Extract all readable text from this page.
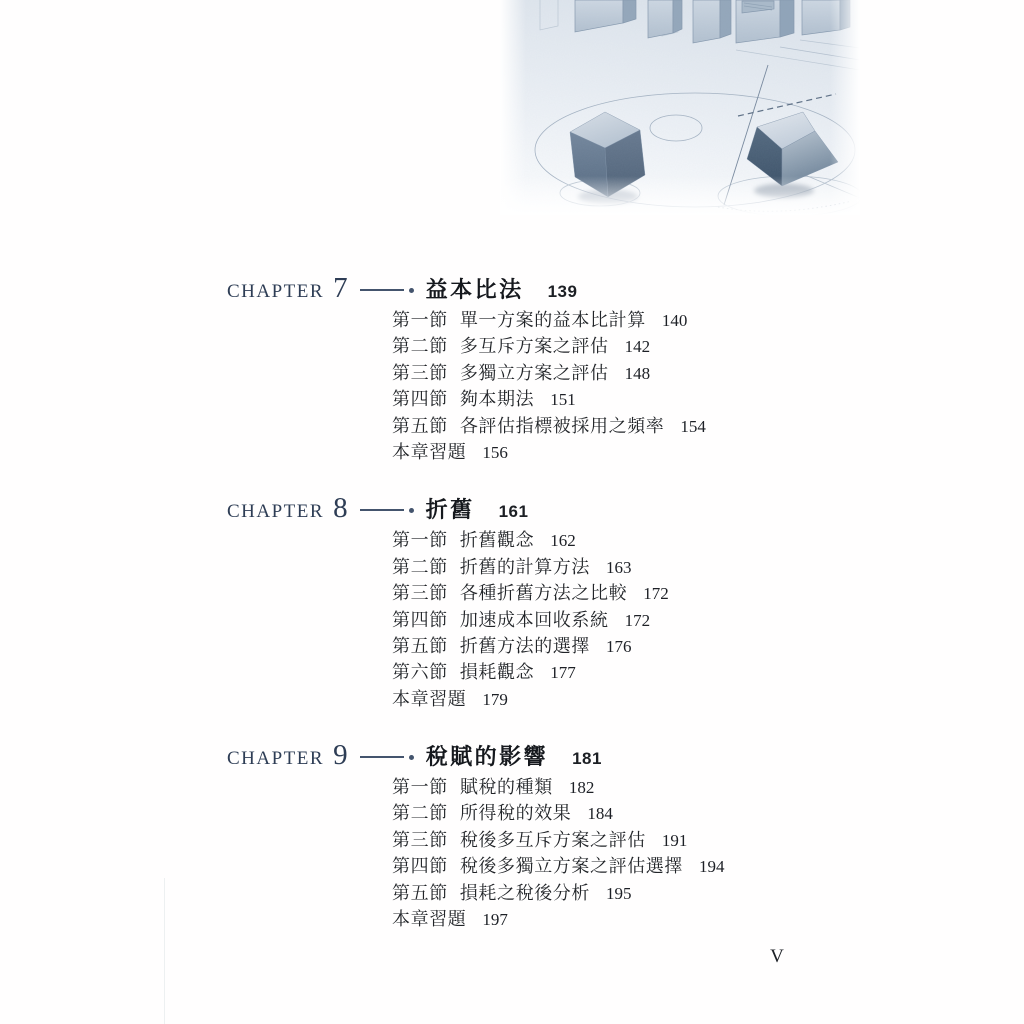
CHAPTER 7	益本比法 139
第一節 單一方案的益本比計算 140
第二節 多互斥方案之評估 142
第三節 多獨立方案之評估 148
第四節 夠本期法 151
第五節 各評估指標被採用之頻率 154
本章習題 156
CHAPTER 8	折舊 161
第一節 折舊觀念 162
第二節 折舊的計算方法 163
第三節 各種折舊方法之比較 172
第四節 加速成本回收系統 172
第五節 折舊方法的選擇 176
第六節 損耗觀念 177
本章習題 179
CHAPTER 9	稅賦的影響 181
第一節 賦稅的種類 182
第二節 所得稅的效果 184
第三節 稅後多互斥方案之評估 191
第四節 稅後多獨立方案之評估選擇 194
第五節 損耗之稅後分析 195
本章習題 197
V
